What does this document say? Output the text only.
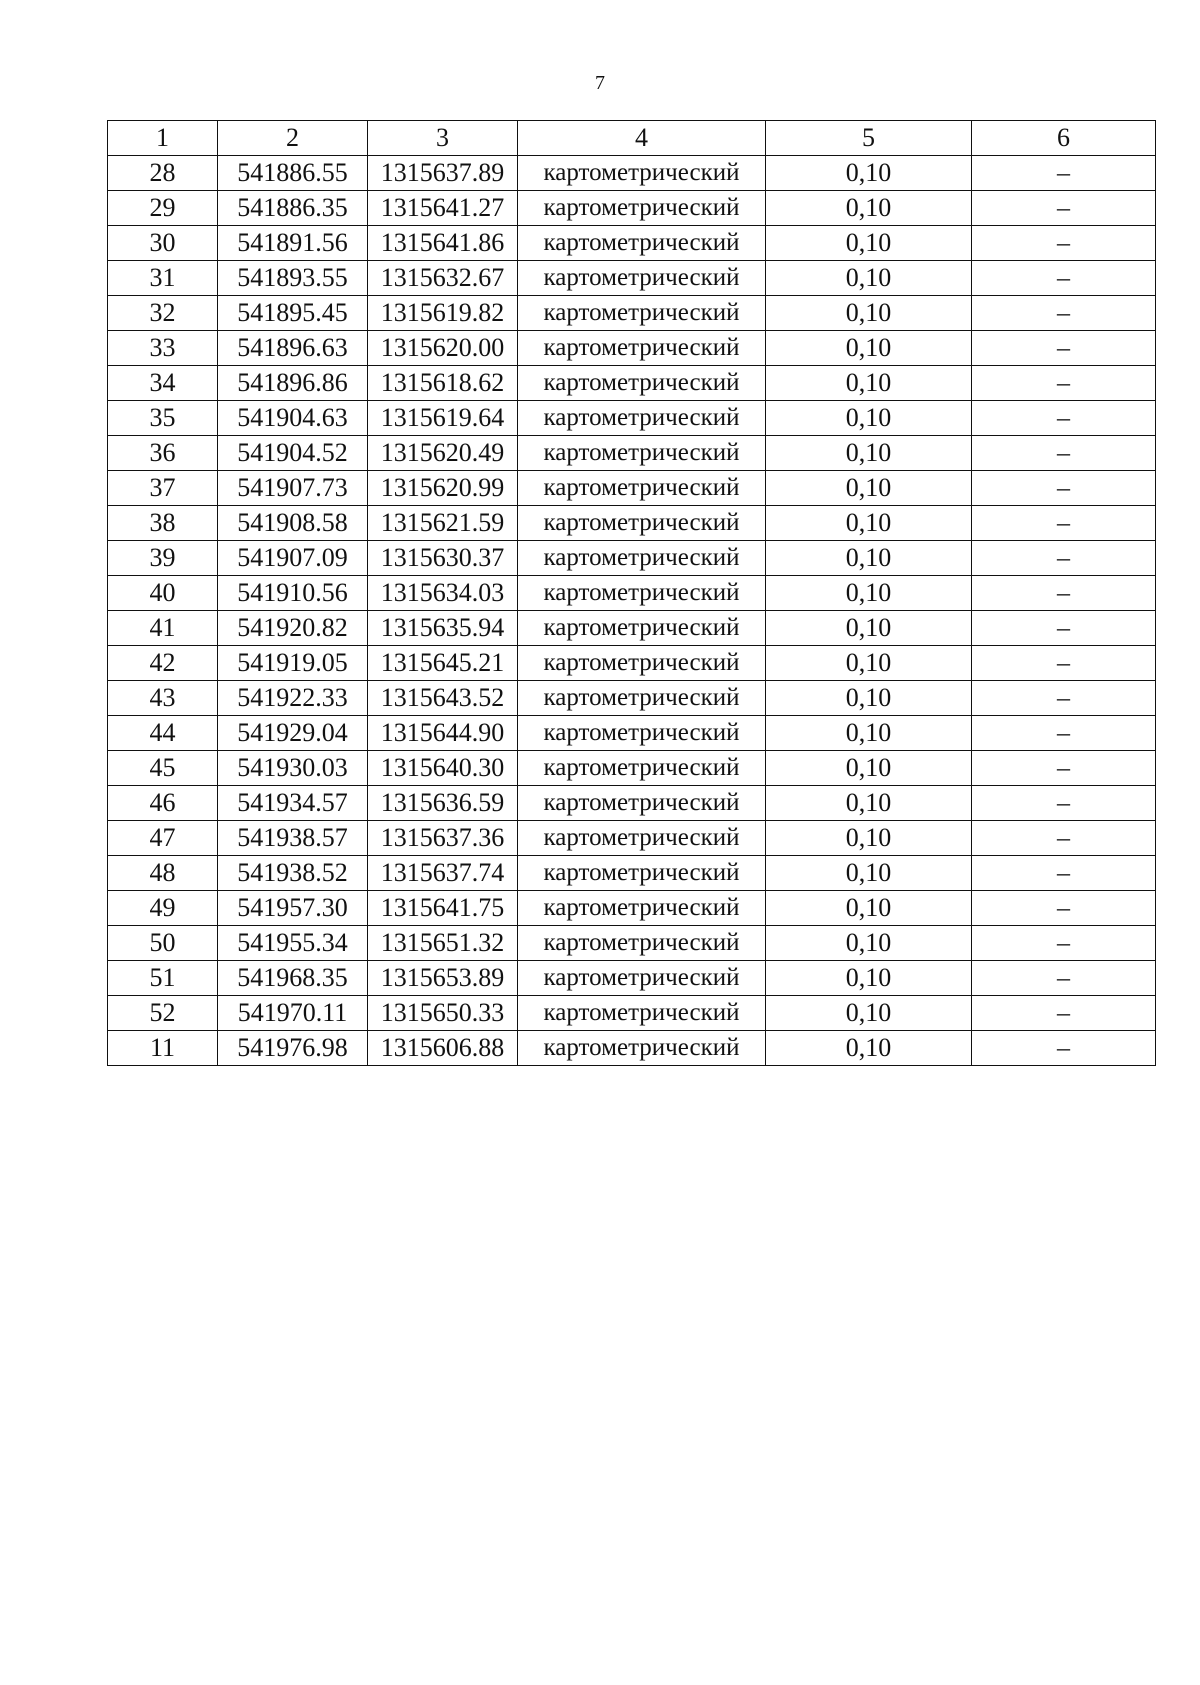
7
1	2	3	4	5	6
28	541886.55	1315637.89	картометрический	0,10	–
29	541886.35	1315641.27	картометрический	0,10	–
30	541891.56	1315641.86	картометрический	0,10	–
31	541893.55	1315632.67	картометрический	0,10	–
32	541895.45	1315619.82	картометрический	0,10	–
33	541896.63	1315620.00	картометрический	0,10	–
34	541896.86	1315618.62	картометрический	0,10	–
35	541904.63	1315619.64	картометрический	0,10	–
36	541904.52	1315620.49	картометрический	0,10	–
37	541907.73	1315620.99	картометрический	0,10	–
38	541908.58	1315621.59	картометрический	0,10	–
39	541907.09	1315630.37	картометрический	0,10	–
40	541910.56	1315634.03	картометрический	0,10	–
41	541920.82	1315635.94	картометрический	0,10	–
42	541919.05	1315645.21	картометрический	0,10	–
43	541922.33	1315643.52	картометрический	0,10	–
44	541929.04	1315644.90	картометрический	0,10	–
45	541930.03	1315640.30	картометрический	0,10	–
46	541934.57	1315636.59	картометрический	0,10	–
47	541938.57	1315637.36	картометрический	0,10	–
48	541938.52	1315637.74	картометрический	0,10	–
49	541957.30	1315641.75	картометрический	0,10	–
50	541955.34	1315651.32	картометрический	0,10	–
51	541968.35	1315653.89	картометрический	0,10	–
52	541970.11	1315650.33	картометрический	0,10	–
11	541976.98	1315606.88	картометрический	0,10	–
